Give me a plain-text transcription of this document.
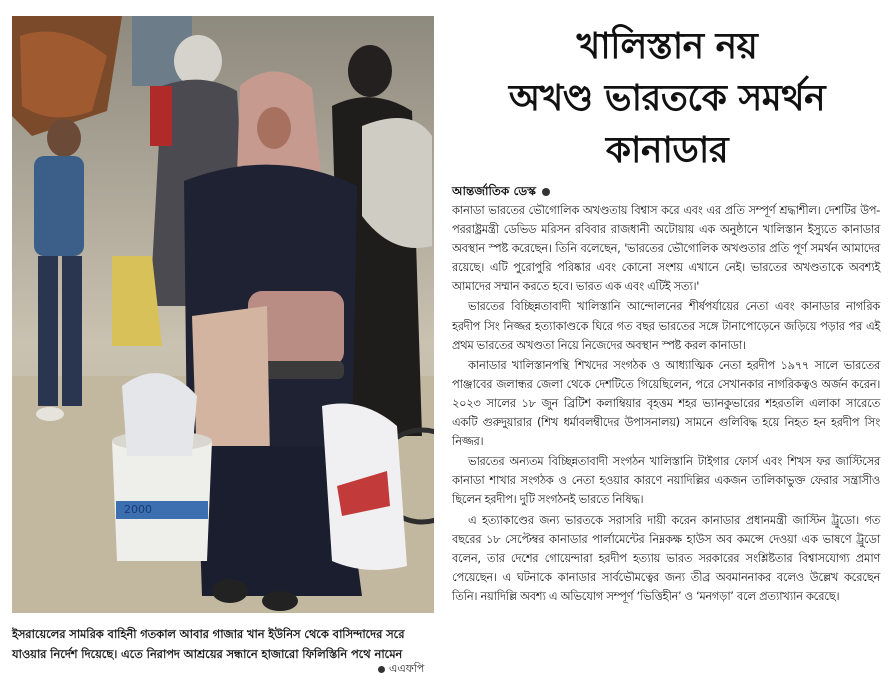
2000
ইসরায়েলের সামরিক বাহিনী গতকাল আবার গাজার খান ইউনিস থেকে বাসিন্দাদের সরে যাওয়ার নির্দেশ দিয়েছে। এতে নিরাপদ আশ্রয়ের সন্ধানে হাজারো ফিলিস্তিনি পথে নামেন
এএফপি
খালিস্তান নয়
অখণ্ড ভারতকে সমর্থন
কানাডার
আন্তর্জাতিক ডেস্ক

কানাডা ভারতের ভৌগোলিক অখণ্ডতায় বিশ্বাস করে এবং এর প্রতি সম্পূর্ণ শ্রদ্ধাশীল। দেশটির উপ-পররাষ্ট্রমন্ত্রী ডেভিড মরিসন রবিবার রাজধানী অটোয়ায় এক অনুষ্ঠানে খালিস্তান ইস্যুতে কানাডার অবস্থান স্পষ্ট করেছেন। তিনি বলেছেন, 'ভারতের ভৌগোলিক অখণ্ডতার প্রতি পূর্ণ সমর্থন আমাদের রয়েছে। এটি পুরোপুরি পরিষ্কার এবং কোনো সংশয় এখানে নেই। ভারতের অখণ্ডতাকে অবশ্যই আমাদের সম্মান করতে হবে। ভারত এক এবং এটিই সত্য।'

ভারতের বিচ্ছিন্নতাবাদী খালিস্তানি আন্দোলনের শীর্ষপর্যায়ের নেতা এবং কানাডার নাগরিক হরদীপ সিং নিজ্জর হত্যাকাণ্ডকে ঘিরে গত বছর ভারতের সঙ্গে টানাপোড়েনে জড়িয়ে পড়ার পর এই প্রথম ভারতের অখণ্ডতা নিয়ে নিজেদের অবস্থান স্পষ্ট করল কানাডা।

কানাডার খালিস্তানপন্থি শিখদের সংগঠক ও আধ্যাত্মিক নেতা হরদীপ ১৯৭৭ সালে ভারতের পাঞ্জাবের জলান্ধর জেলা থেকে দেশটিতে গিয়েছিলেন, পরে সেখানকার নাগরিকত্বও অর্জন করেন। ২০২৩ সালের ১৮ জুন ব্রিটিশ কলাম্বিয়ার বৃহত্তম শহর ভ্যানকুভারের শহরতলি এলাকা সারেতে একটি গুরুদুয়ারার (শিখ ধর্মাবলম্বীদের উপাসনালয়) সামনে গুলিবিদ্ধ হয়ে নিহত হন হরদীপ সিং নিজ্জর।

ভারতের অন্যতম বিচ্ছিন্নতাবাদী সংগঠন খালিস্তানি টাইগার ফোর্স এবং শিখস ফর জাস্টিসের কানাডা শাখার সংগঠক ও নেতা হওয়ার কারণে নয়াদিল্লির একজন তালিকাভুক্ত ফেরার সন্ত্রাসীও ছিলেন হরদীপ। দুটি সংগঠনই ভারতে নিষিদ্ধ।

এ হত্যাকাণ্ডের জন্য ভারতকে সরাসরি দায়ী করেন কানাডার প্রধানমন্ত্রী জাস্টিন ট্রুডো। গত বছরের ১৮ সেপ্টেম্বর কানাডার পার্লামেন্টের নিম্নকক্ষ হাউস অব কমন্সে দেওয়া এক ভাষণে ট্রুডো বলেন, তার দেশের গোয়েন্দারা হরদীপ হত্যায় ভারত সরকারের সংশ্লিষ্টতার বিশ্বাসযোগ্য প্রমাণ পেয়েছেন। এ ঘটনাকে কানাডার সার্বভৌমত্বের জন্য তীব্র অবমাননাকর বলেও উল্লেখ করেছেন তিনি। নয়াদিল্লি অবশ্য এ অভিযোগ সম্পূর্ণ ‘ভিত্তিহীন’ ও ‘মনগড়া’ বলে প্রত্যাখ্যান করেছে।
